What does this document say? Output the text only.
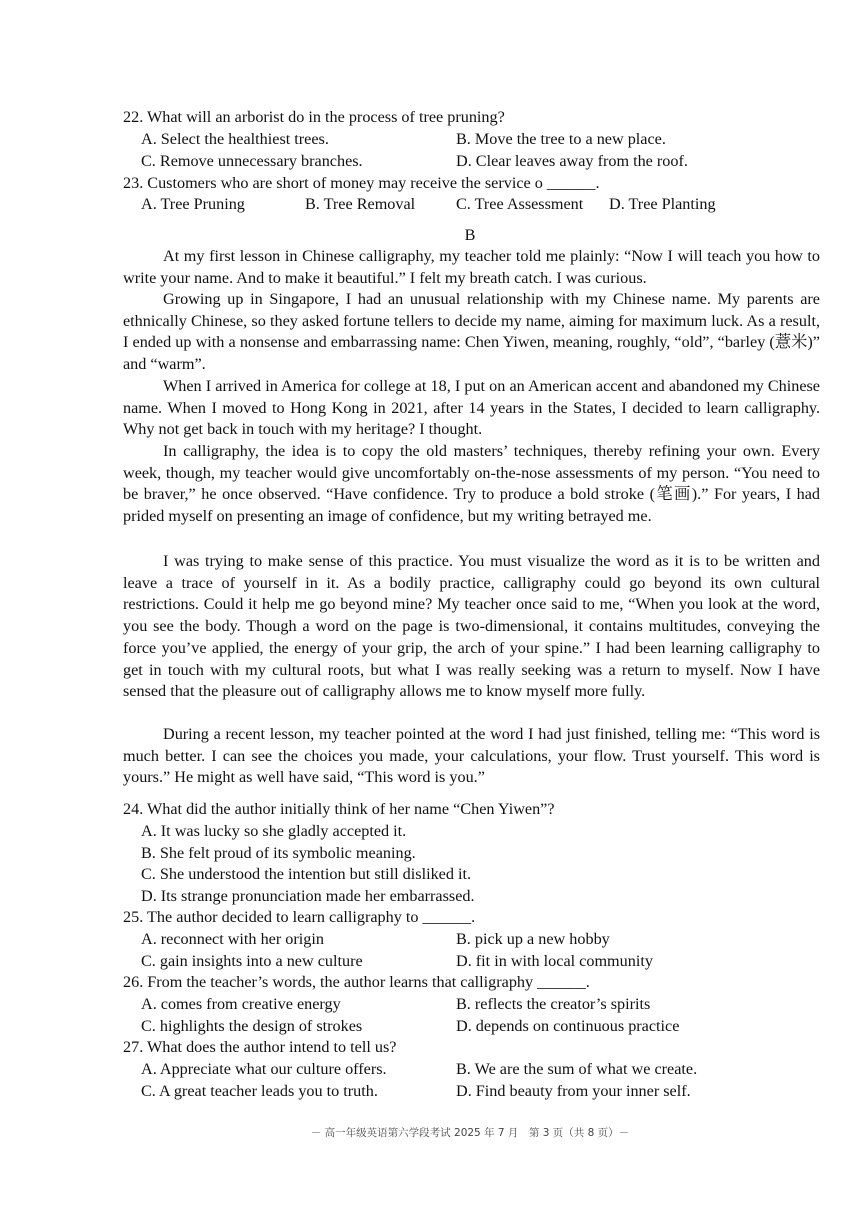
22. What will an arborist do in the process of tree pruning?
A. Select the healthiest trees.	B. Move the tree to a new place.
C. Remove unnecessary branches.	D. Clear leaves away from the roof.
23. Customers who are short of money may receive the service o ______.
A. Tree Pruning	B. Tree Removal	C. Tree Assessment D. Tree Planting
B

At my first lesson in Chinese calligraphy, my teacher told me plainly: “Now I will teach you how to write your name. And to make it beautiful.” I felt my breath catch. I was curious.

Growing up in Singapore, I had an unusual relationship with my Chinese name. My parents are ethnically Chinese, so they asked fortune tellers to decide my name, aiming for maximum luck. As a result, I ended up with a nonsense and embarrassing name: Chen Yiwen, meaning, roughly, “old”, “barley (薏米)” and “warm”.

When I arrived in America for college at 18, I put on an American accent and abandoned my Chinese name. When I moved to Hong Kong in 2021, after 14 years in the States, I decided to learn calligraphy. Why not get back in touch with my heritage? I thought.

In calligraphy, the idea is to copy the old masters’ techniques, thereby refining your own. Every week, though, my teacher would give uncomfortably on-the-nose assessments of my person. “You need to be braver,” he once observed. “Have confidence. Try to produce a bold stroke (笔画).” For years, I had prided myself on presenting an image of confidence, but my writing betrayed me.

I was trying to make sense of this practice. You must visualize the word as it is to be written and leave a trace of yourself in it. As a bodily practice, calligraphy could go beyond its own cultural restrictions. Could it help me go beyond mine? My teacher once said to me, “When you look at the word, you see the body. Though a word on the page is two-dimensional, it contains multitudes, conveying the force you’ve applied, the energy of your grip, the arch of your spine.” I had been learning calligraphy to get in touch with my cultural roots, but what I was really seeking was a return to myself. Now I have sensed that the pleasure out of calligraphy allows me to know myself more fully.

During a recent lesson, my teacher pointed at the word I had just finished, telling me: “This word is much better. I can see the choices you made, your calculations, your flow. Trust yourself. This word is yours.” He might as well have said, “This word is you.”

24. What did the author initially think of her name “Chen Yiwen”?
A. It was lucky so she gladly accepted it.
B. She felt proud of its symbolic meaning.
C. She understood the intention but still disliked it.
D. Its strange pronunciation made her embarrassed.
25. The author decided to learn calligraphy to ______.
A. reconnect with her origin	B. pick up a new hobby
C. gain insights into a new culture	D. fit in with local community
26. From the teacher’s words, the author learns that calligraphy ______.
A. comes from creative energy	B. reflects the creator’s spirits
C. highlights the design of strokes	D. depends on continuous practice
27. What does the author intend to tell us?
A. Appreciate what our culture offers.	B. We are the sum of what we create.
C. A great teacher leads you to truth.	D. Find beauty from your inner self.
－ 高一年级英语第六学段考试 2025 年 7 月　第 3 页（共 8 页）－
